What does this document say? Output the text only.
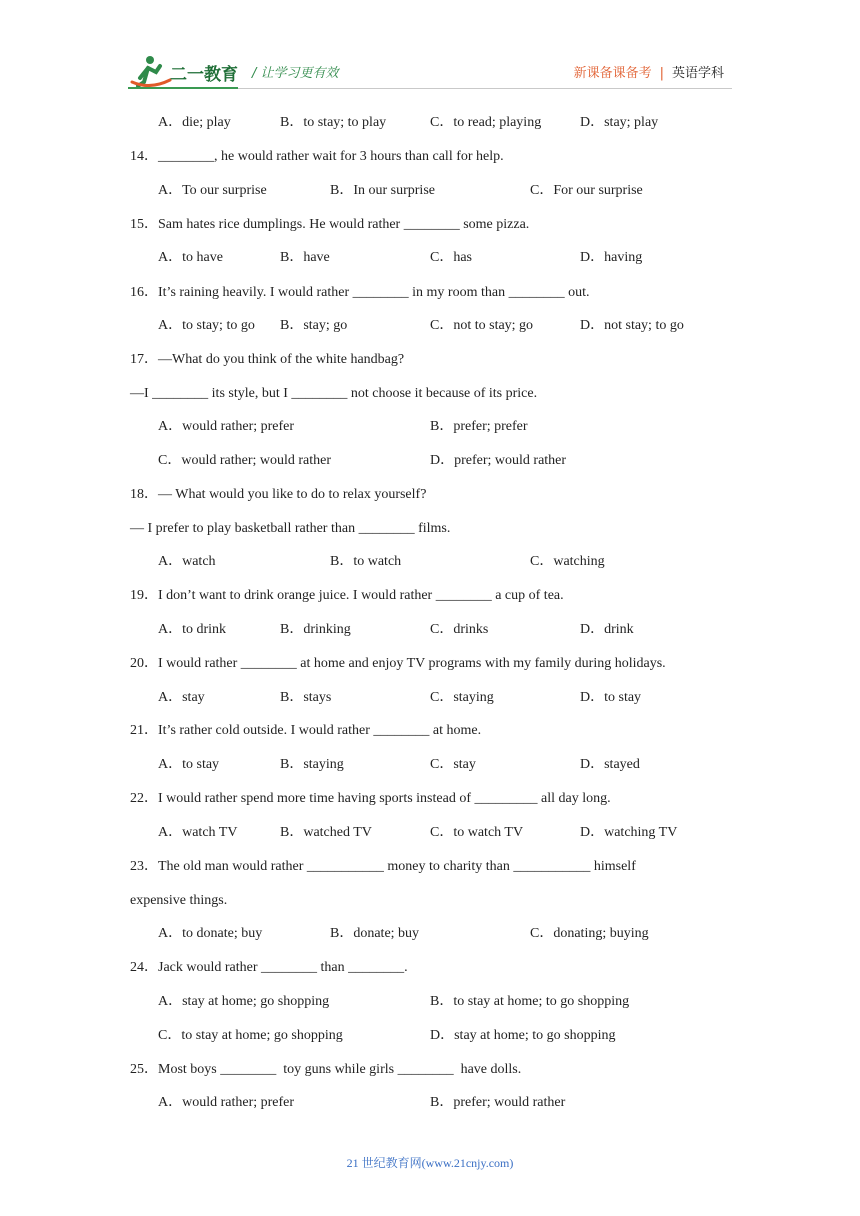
二一教育 / 让学习更有效	新课备课备考 | 英语学科
A．die; play	B．to stay; to play	C．to read; playing	D．stay; play
14．________, he would rather wait for 3 hours than call for help.
A．To our surprise	B．In our surprise	C．For our surprise
15．Sam hates rice dumplings. He would rather ________ some pizza.
A．to have	B．have	C．has	D．having
16．It’s raining heavily. I would rather ________ in my room than ________ out.
A．to stay; to go B．stay; go	C．not to stay; go	D．not stay; to go
17．—What do you think of the white handbag?
—I ________ its style, but I ________ not choose it because of its price.
A．would rather; prefer	B．prefer; prefer
C．would rather; would rather	D．prefer; would rather
18．— What would you like to do to relax yourself?
— I prefer to play basketball rather than ________ films.
A．watch	B．to watch	C．watching
19．I don’t want to drink orange juice. I would rather ________ a cup of tea.
A．to drink	B．drinking	C．drinks	D．drink
20．I would rather ________ at home and enjoy TV programs with my family during holidays.
A．stay	B．stays	C．staying	D．to stay
21．It’s rather cold outside. I would rather ________ at home.
A．to stay	B．staying	C．stay	D．stayed
22．I would rather spend more time having sports instead of _________ all day long.
A．watch TV	B．watched TV	C．to watch TV	D．watching TV
23．The old man would rather ___________ money to charity than ___________ himself
expensive things.
A．to donate; buy	B．donate; buy	C．donating; buying
24．Jack would rather ________ than ________.
A．stay at home; go shopping	B．to stay at home; to go shopping
C．to stay at home; go shopping	D．stay at home; to go shopping
25．Most boys ________  toy guns while girls ________  have dolls.
A．would rather; prefer	B．prefer; would rather
21 世纪教育网(www.21cnjy.com)
